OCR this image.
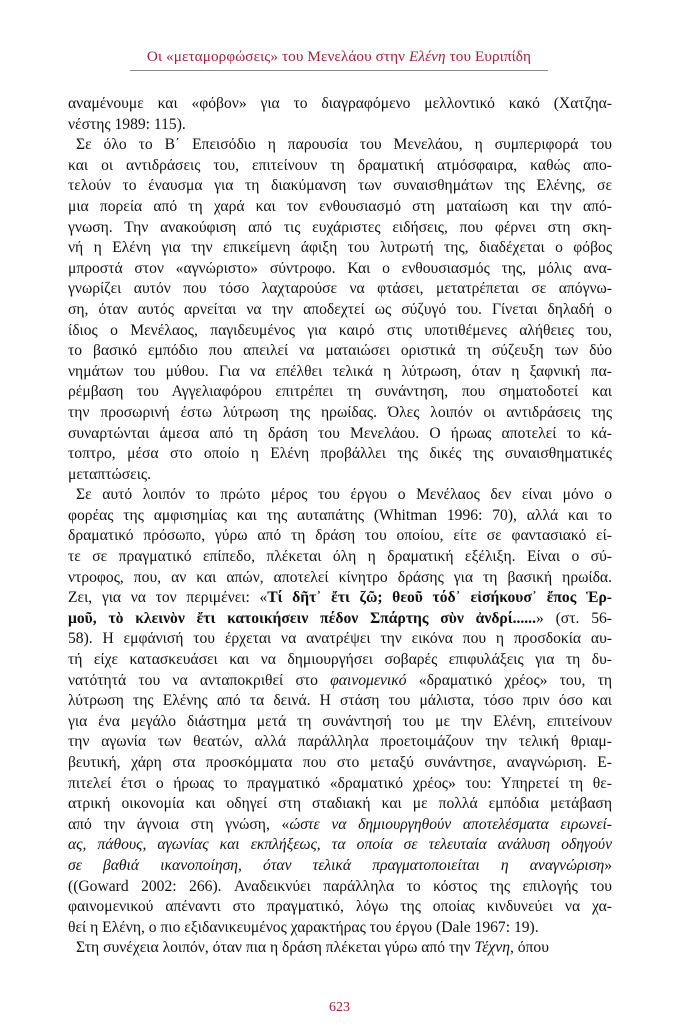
Οι «μεταμορφώσεις» του Μενελάου στην Ελένη του Ευριπίδη
αναμένουμε και «φόβον» για το διαγραφόμενο μελλοντικό κακό (Χατζηα-
νέστης 1989: 115).
Σε όλο το Β΄ Επεισόδιο η παρουσία του Μενελάου, η συμπεριφορά του
και οι αντιδράσεις του, επιτείνουν τη δραματική ατμόσφαιρα, καθώς απο-
τελούν το έναυσμα για τη διακύμανση των συναισθημάτων της Ελένης, σε
μια πορεία από τη χαρά και τον ενθουσιασμό στη ματαίωση και την από-
γνωση. Την ανακούφιση από τις ευχάριστες ειδήσεις, που φέρνει στη σκη-
νή η Ελένη για την επικείμενη άφιξη του λυτρωτή της, διαδέχεται ο φόβος
μπροστά στον «αγνώριστο» σύντροφο. Και ο ενθουσιασμός της, μόλις ανα-
γνωρίζει αυτόν που τόσο λαχταρούσε να φτάσει, μετατρέπεται σε απόγνω-
ση, όταν αυτός αρνείται να την αποδεχτεί ως σύζυγό του. Γίνεται δηλαδή ο
ίδιος ο Μενέλαος, παγιδευμένος για καιρό στις υποτιθέμενες αλήθειες του,
το βασικό εμπόδιο που απειλεί να ματαιώσει οριστικά τη σύζευξη των δύο
νημάτων του μύθου. Για να επέλθει τελικά η λύτρωση, όταν η ξαφνική πα-
ρέμβαση του Αγγελιαφόρου επιτρέπει τη συνάντηση, που σηματοδοτεί και
την προσωρινή έστω λύτρωση της ηρωίδας. Όλες λοιπόν οι αντιδράσεις της
συναρτώνται άμεσα από τη δράση του Μενελάου. Ο ήρωας αποτελεί το κά-
τοπτρο, μέσα στο οποίο η Ελένη προβάλλει της δικές της συναισθηματικές
μεταπτώσεις.
Σε αυτό λοιπόν το πρώτο μέρος του έργου ο Μενέλαος δεν είναι μόνο ο
φορέας της αμφισημίας και της αυταπάτης (Whitman 1996: 70), αλλά και το
δραματικό πρόσωπο, γύρω από τη δράση του οποίου, είτε σε φαντασιακό εί-
τε σε πραγματικό επίπεδο, πλέκεται όλη η δραματική εξέλιξη. Είναι ο σύ-
ντροφος, που, αν και απών, αποτελεί κίνητρο δράσης για τη βασική ηρωίδα.
Ζει, για να τον περιμένει: «Τί δῆτ᾽ ἔτι ζῶ; θεοῦ τόδ᾽ εἰσήκουσ᾽ ἔπος Ἑρ-
μοῦ, τὸ κλεινὸν ἔτι κατοικήσειν πέδον Σπάρτης σὺν ἀνδρί......» (στ. 56-
58). Η εμφάνισή του έρχεται να ανατρέψει την εικόνα που η προσδοκία αυ-
τή είχε κατασκευάσει και να δημιουργήσει σοβαρές επιφυλάξεις για τη δυ-
νατότητά του να ανταποκριθεί στο φαινομενικό «δραματικό χρέος» του, τη
λύτρωση της Ελένης από τα δεινά. Η στάση του μάλιστα, τόσο πριν όσο και
για ένα μεγάλο διάστημα μετά τη συνάντησή του με την Ελένη, επιτείνουν
την αγωνία των θεατών, αλλά παράλληλα προετοιμάζουν την τελική θριαμ-
βευτική, χάρη στα προσκόμματα που στο μεταξύ συνάντησε, αναγνώριση. Ε-
πιτελεί έτσι ο ήρωας το πραγματικό «δραματικό χρέος» του: Υπηρετεί τη θε-
ατρική οικονομία και οδηγεί στη σταδιακή και με πολλά εμπόδια μετάβαση
από την άγνοια στη γνώση, «ώστε να δημιουργηθούν αποτελέσματα ειρωνεί-
ας, πάθους, αγωνίας και εκπλήξεως, τα οποία σε τελευταία ανάλυση οδηγούν
σε βαθιά ικανοποίηση, όταν τελικά πραγματοποιείται η αναγνώριση»
((Goward 2002: 266). Αναδεικνύει παράλληλα το κόστος της επιλογής του
φαινομενικού απέναντι στο πραγματικό, λόγω της οποίας κινδυνεύει να χα-
θεί η Ελένη, ο πιο εξιδανικευμένος χαρακτήρας του έργου (Dale 1967: 19).
Στη συνέχεια λοιπόν, όταν πια η δράση πλέκεται γύρω από την Τέχνη, όπου
623
